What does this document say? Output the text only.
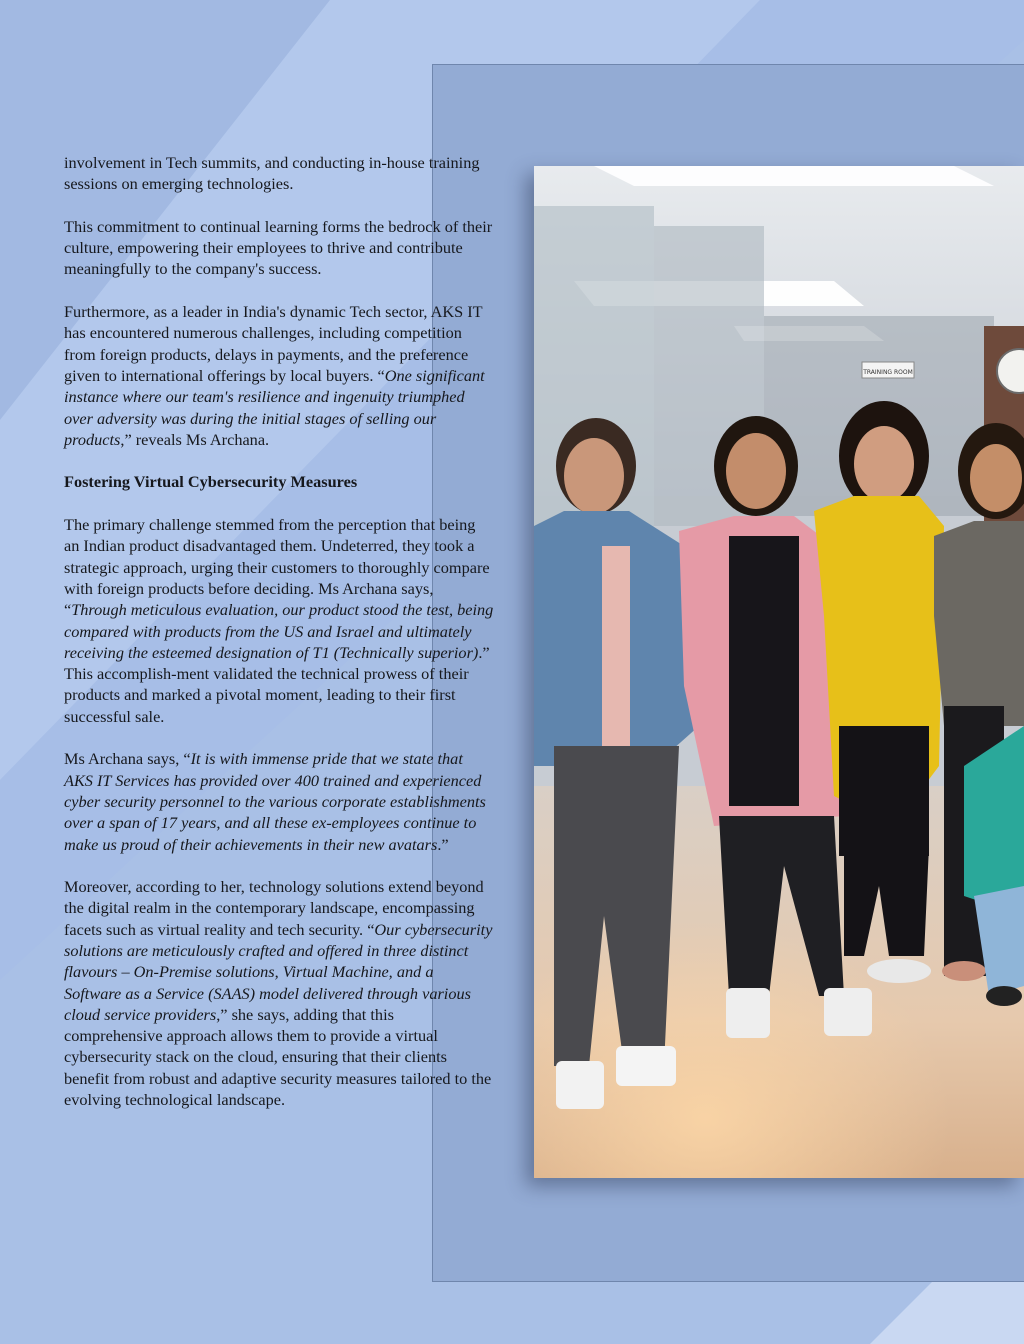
TRAINING ROOM

involvement in Tech summits, and conducting in-house training sessions on emerging technologies.

This commitment to continual learning forms the bedrock of their culture, empowering their employees to thrive and contribute meaningfully to the company's success.

Furthermore, as a leader in India's dynamic Tech sector, AKS IT has encountered numerous challenges, including competition from foreign products, delays in payments, and the preference given to international offerings by local buyers. “One significant instance where our team's resilience and ingenuity triumphed over adversity was during the initial stages of selling our products,” reveals Ms Archana.

Fostering Virtual Cybersecurity Measures

The primary challenge stemmed from the perception that being an Indian product disadvantaged them. Undeterred, they took a strategic approach, urging their customers to thoroughly compare with foreign products before deciding. Ms Archana says, “Through meticulous evaluation, our product stood the test, being compared with products from the US and Israel and ultimately receiving the esteemed designation of T1 (Technically superior).” This accomplish-ment validated the technical prowess of their products and marked a pivotal moment, leading to their first successful sale.

Ms Archana says, “It is with immense pride that we state that AKS IT Services has provided over 400 trained and experienced cyber security personnel to the various corporate establishments over a span of 17 years, and all these ex-employees continue to make us proud of their achievements in their new avatars.”

Moreover, according to her, technology solutions extend beyond the digital realm in the contemporary landscape, encompassing facets such as virtual reality and tech security. “Our cybersecurity solutions are meticulously crafted and offered in three distinct flavours – On-Premise solutions, Virtual Machine, and a Software as a Service (SAAS) model delivered through various cloud service providers,” she says, adding that this comprehensive approach allows them to provide a virtual cybersecurity stack on the cloud, ensuring that their clients benefit from robust and adaptive security measures tailored to the evolving technological landscape.
